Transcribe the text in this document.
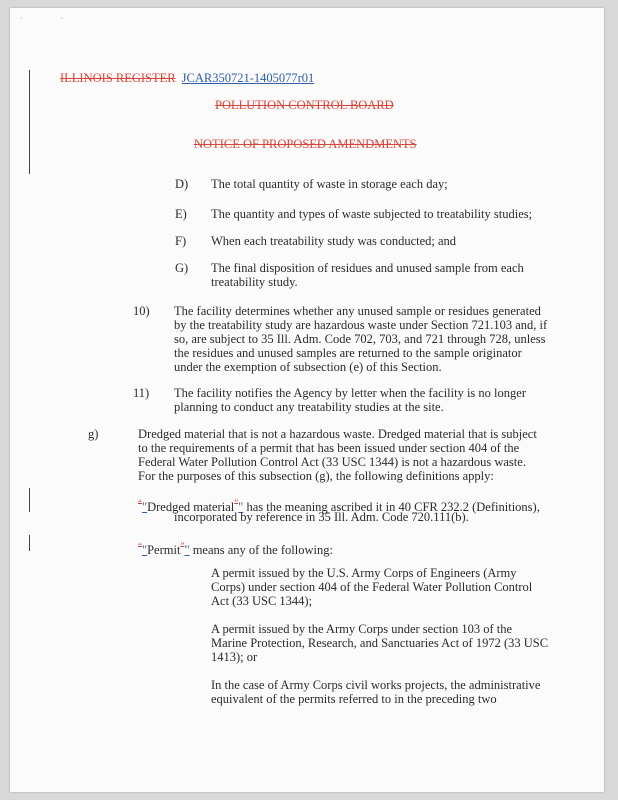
· ·
ILLINOIS REGISTER JCAR350721-1405077r01
POLLUTION CONTROL BOARD
NOTICE OF PROPOSED AMENDMENTS
D) The total quantity of waste in storage each day;
E) The quantity and types of waste subjected to treatability studies;
F) When each treatability study was conducted; and
G) The final disposition of residues and unused sample from each
treatability study.
10) The facility determines whether any unused sample or residues generated
by the treatability study are hazardous waste under Section 721.103 and, if
so, are subject to 35 Ill. Adm. Code 702, 703, and 721 through 728, unless
the residues and unused samples are returned to the sample originator
under the exemption of subsection (e) of this Section.
11) The facility notifies the Agency by letter when the facility is no longer
planning to conduct any treatability studies at the site.
g)	Dredged material that is not a hazardous waste. Dredged material that is subject
to the requirements of a permit that has been issued under section 404 of the
Federal Water Pollution Control Act (33 USC 1344) is not a hazardous waste.
For the purposes of this subsection (g), the following definitions apply:
“"Dredged material”" has the meaning ascribed it in 40 CFR 232.2 (Definitions),
incorporated by reference in 35 Ill. Adm. Code 720.111(b).
“"Permit”" means any of the following:
A permit issued by the U.S. Army Corps of Engineers (Army
Corps) under section 404 of the Federal Water Pollution Control
Act (33 USC 1344);
A permit issued by the Army Corps under section 103 of the
Marine Protection, Research, and Sanctuaries Act of 1972 (33 USC
1413); or
In the case of Army Corps civil works projects, the administrative
equivalent of the permits referred to in the preceding two
